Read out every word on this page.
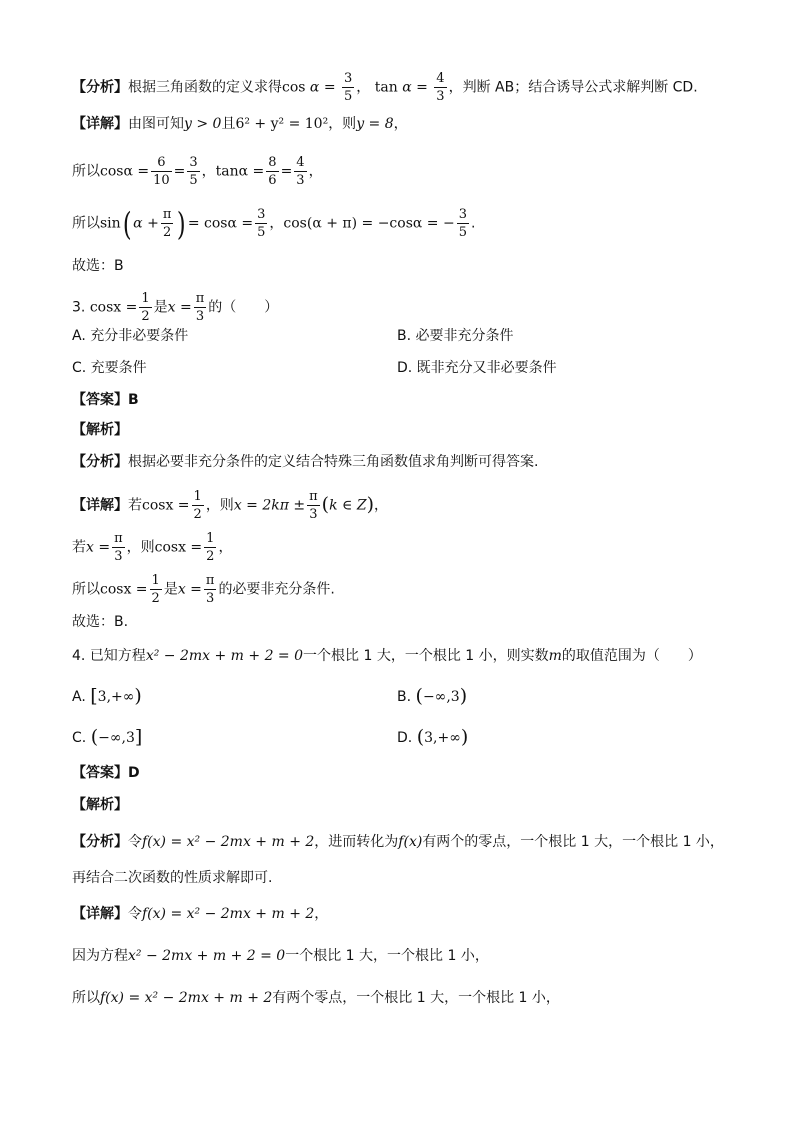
【分析】根据三角函数的定义求得$\cos \alpha = \frac{3}{5}$ ， $\tan \alpha = \frac{4}{3}$ ，判断 AB；结合诱导公式求解判断 CD.
【详解】由图可知y > 0且6² + y² = 10²，则y = 8，
所以$\cos\alpha = \frac{6}{10} = \frac{3}{5}$ ，$\tan\alpha = \frac{8}{6} = \frac{4}{3}$ ，
所以sin( $\alpha + \frac{\pi}{2}$ ) = $\cos\alpha = \frac{3}{5}$ ，cos(α + π) = −cosα = − $\frac{3}{5}$ .
故选：B
3. $\cos x = \frac{1}{2}$ 是$x = \frac{\pi}{3}$ 的（　　）
A. 充分非必要条件	B. 必要非充分条件
C. 充要条件	D. 既非充分又非必要条件
【答案】B
【解析】
【分析】根据必要非充分条件的定义结合特殊三角函数值求角判断可得答案.
【详解】若$\cos x = \frac{1}{2}$ ，则$x = 2k\pi \pm \frac{\pi}{3} (k$ ∈ Z)，
若$x = \frac{\pi}{3}$ ，则$\cos x = \frac{1}{2}$ ，
所以$\cos x = \frac{1}{2}$ 是$x = \frac{\pi}{3}$ 的必要非充分条件.
故选：B.
4. 已知方程x² − 2mx + m + 2 = 0一个根比 1 大，一个根比 1 小，则实数m的取值范围为（　　）
A. [3,+∞)	B. (−∞,3)
C. (−∞,3]	D. (3,+∞)
【答案】D
【解析】
【分析】令f(x) = x² − 2mx + m + 2，进而转化为f(x)有两个的零点，一个根比 1 大，一个根比 1 小，
再结合二次函数的性质求解即可.
【详解】令f(x) = x² − 2mx + m + 2，
因为方程x² − 2mx + m + 2 = 0一个根比 1 大，一个根比 1 小，
所以f(x) = x² − 2mx + m + 2有两个零点，一个根比 1 大，一个根比 1 小，
